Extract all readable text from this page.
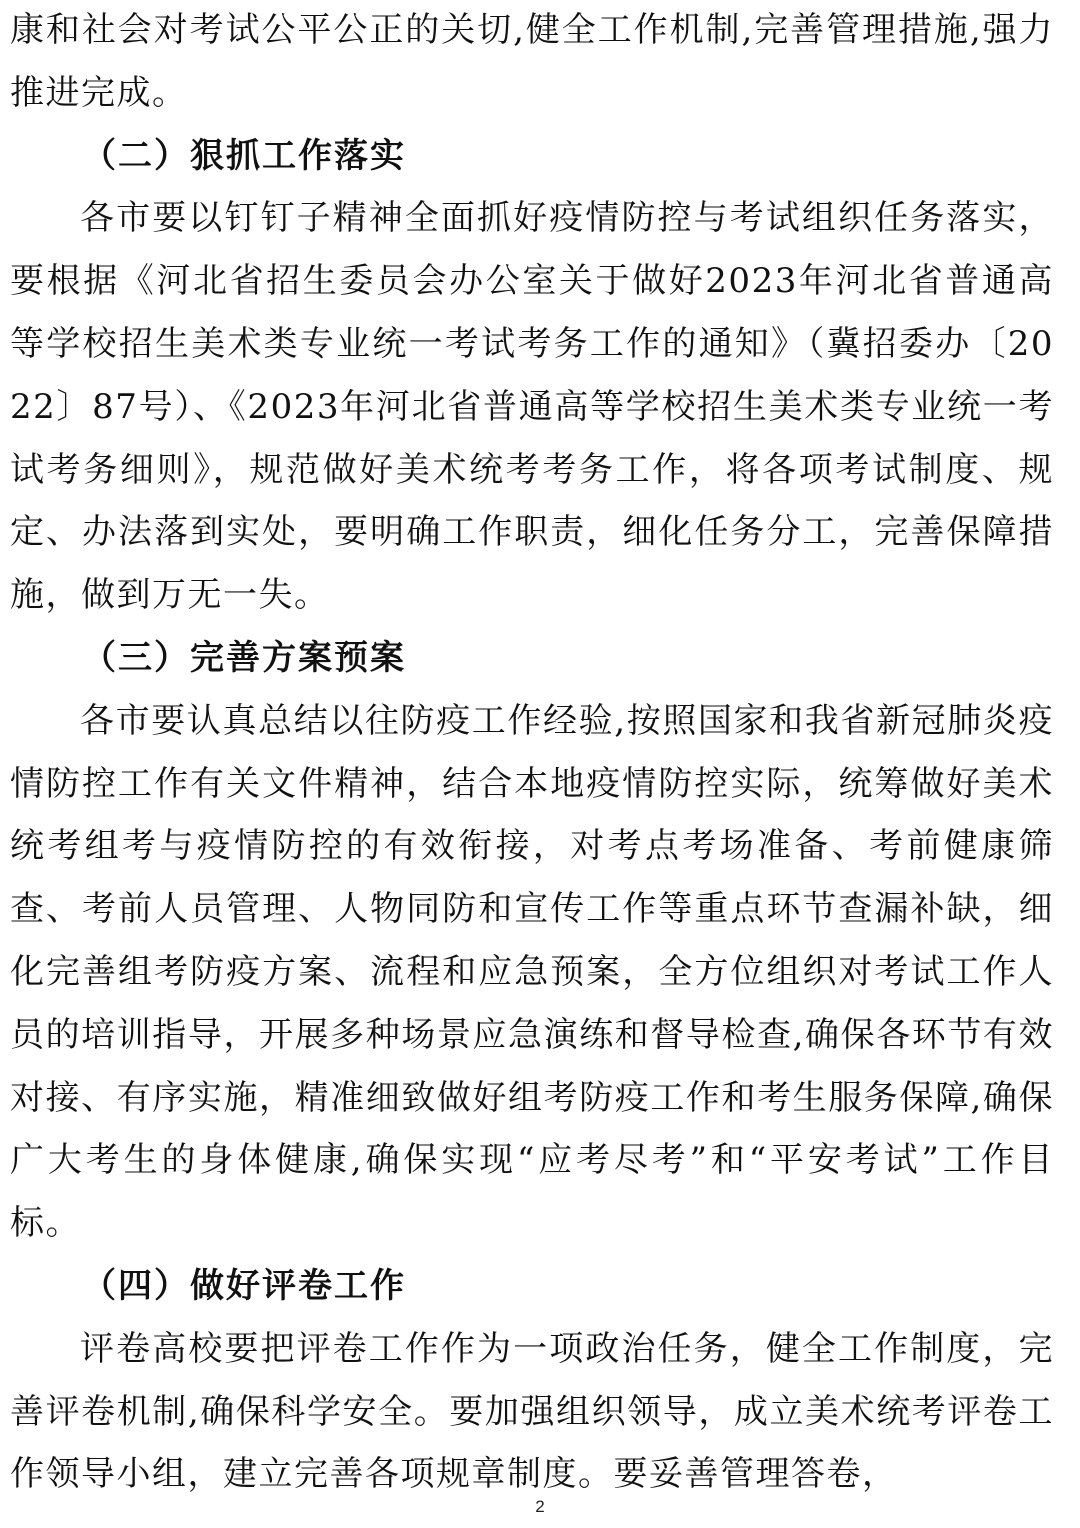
康和社会对考试公平公正的关切,健全工作机制,完善管理措施,强力推进完成。

（二）狠抓工作落实

各市要以钉钉子精神全面抓好疫情防控与考试组织任务落实，要根据《河北省招生委员会办公室关于做好2023年河北省普通高等学校招生美术类专业统一考试考务工作的通知》（冀招委办〔2022〕87号）、《2023年河北省普通高等学校招生美术类专业统一考试考务细则》，规范做好美术统考考务工作，将各项考试制度、规定、办法落到实处，要明确工作职责，细化任务分工，完善保障措施，做到万无一失。

（三）完善方案预案

各市要认真总结以往防疫工作经验,按照国家和我省新冠肺炎疫情防控工作有关文件精神，结合本地疫情防控实际，统筹做好美术统考组考与疫情防控的有效衔接，对考点考场准备、考前健康筛查、考前人员管理、人物同防和宣传工作等重点环节查漏补缺，细化完善组考防疫方案、流程和应急预案，全方位组织对考试工作人员的培训指导，开展多种场景应急演练和督导检查,确保各环节有效对接、有序实施，精准细致做好组考防疫工作和考生服务保障,确保广大考生的身体健康,确保实现“应考尽考”和“平安考试”工作目标。

（四）做好评卷工作

评卷高校要把评卷工作作为一项政治任务，健全工作制度，完善评卷机制,确保科学安全。要加强组织领导，成立美术统考评卷工作领导小组，建立完善各项规章制度。要妥善管理答卷，

2
